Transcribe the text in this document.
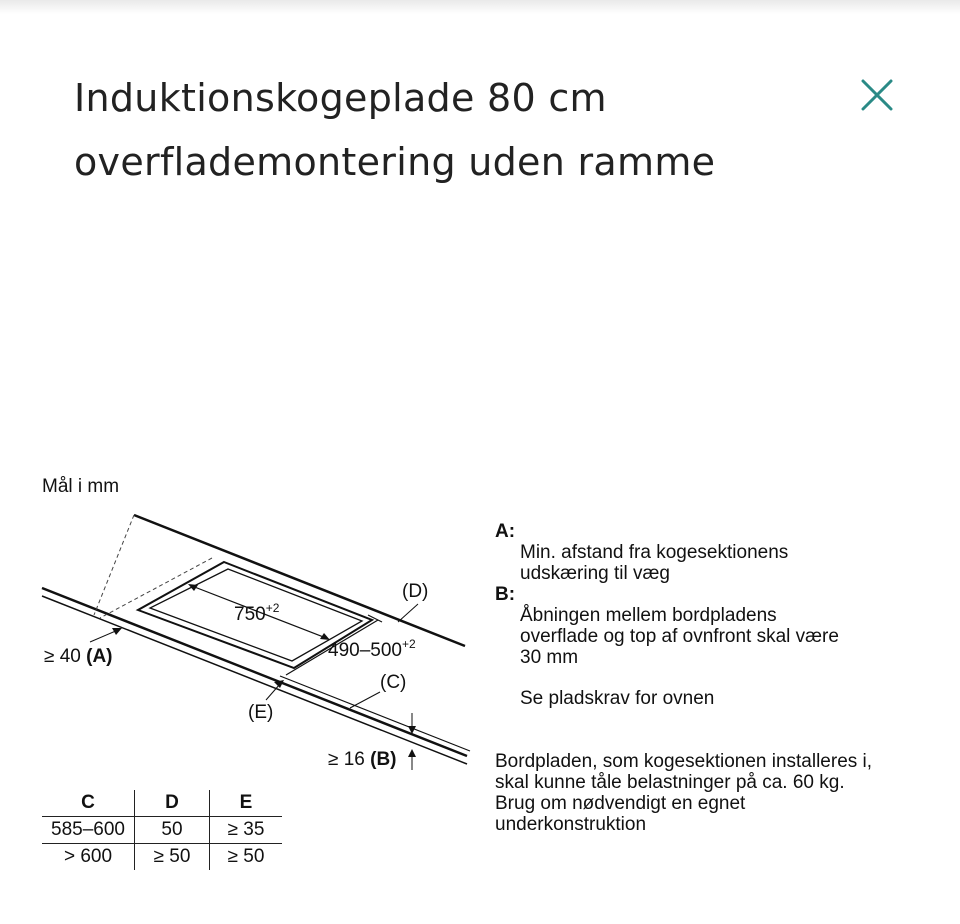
Induktionskogeplade 80 cm
overflademontering uden ramme
Mål i mm
$750^{+2}$
$490-500^{+2}$
(D)
(C)
(E)
≥ 40 (A)
≥ 16 (B)

A:

Min. afstand fra kogesektionens
udskæring til væg

B:

Åbningen mellem bordpladens
overflade og top af ovnfront skal være
30 mm

Se pladskrav for ovnen

Bordpladen, som kogesektionen installeres i,
skal kunne tåle belastninger på ca. 60 kg.
Brug om nødvendigt en egnet
underkonstruktion

C	D	E
585–600	50	≥ 35
> 600	≥ 50	≥ 50
